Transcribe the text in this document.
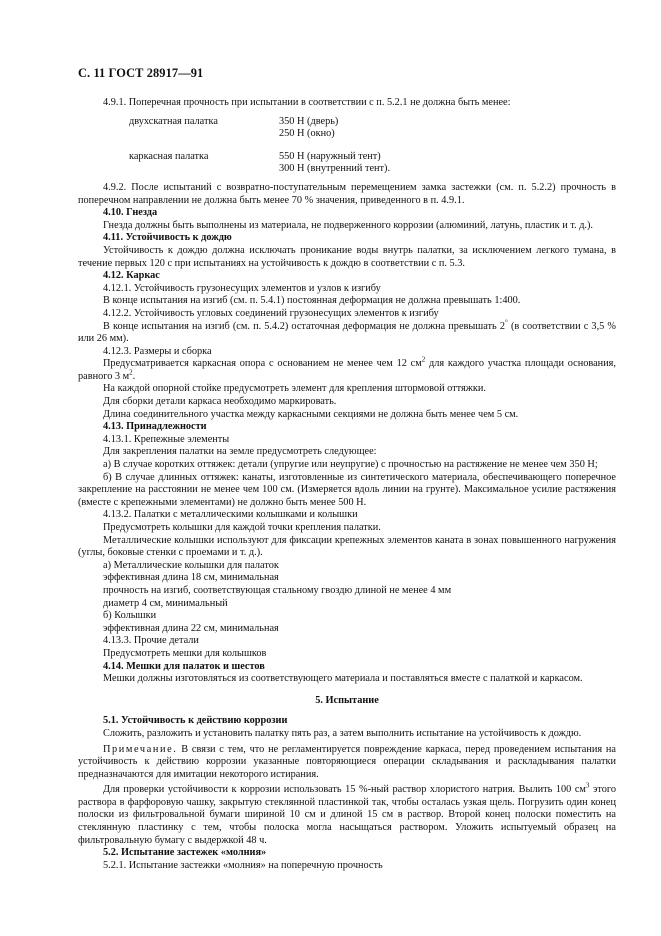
С. 11 ГОСТ 28917—91

4.9.1. Поперечная прочность при испытании в соответствии с п. 5.2.1 не должна быть менее:

двухскатная палатка	350 Н (дверь)
250 Н (окно)
каркасная палатка	550 Н (наружный тент)
300 Н (внутренний тент).

4.9.2. После испытаний с возвратно-поступательным перемещением замка застежки (см. п. 5.2.2) прочность в поперечном направлении не должна быть менее 70 % значения, приведенного в п. 4.9.1.

4.10. Гнезда

Гнезда должны быть выполнены из материала, не подверженного коррозии (алюминий, латунь, пластик и т. д.).

4.11. Устойчивость к дождю

Устойчивость к дождю должна исключать проникание воды внутрь палатки, за исключением легкого тумана, в течение первых 120 с при испытаниях на устойчивость к дождю в соответствии с п. 5.3.

4.12. Каркас

4.12.1. Устойчивость грузонесущих элементов и узлов к изгибу

В конце испытания на изгиб (см. п. 5.4.1) постоянная деформация не должна превышать 1:400.

4.12.2. Устойчивость угловых соединений грузонесущих элементов к изгибу

В конце испытания на изгиб (см. п. 5.4.2) остаточная деформация не должна превышать 2° (в соответствии с 3,5 % или 26 мм).

4.12.3. Размеры и сборка

Предусматривается каркасная опора с основанием не менее чем 12 $см^2$ для каждого участка площади основания, равного 3 $м^2$.

На каждой опорной стойке предусмотреть элемент для крепления штормовой оттяжки.

Для сборки детали каркаса необходимо маркировать.

Длина соединительного участка между каркасными секциями не должна быть менее чем 5 см.

4.13. Принадлежности

4.13.1. Крепежные элементы

Для закрепления палатки на земле предусмотреть следующее:

а) В случае коротких оттяжек: детали (упругие или неупругие) с прочностью на растяжение не менее чем 350 Н;

б) В случае длинных оттяжек: канаты, изготовленные из синтетического материала, обеспечивающего поперечное закрепление на расстоянии не менее чем 100 см. (Измеряется вдоль линии на грунте). Максимальное усилие растяжения (вместе с крепежными элементами) не должно быть менее 500 Н.

4.13.2. Палатки с металлическими колышками и колышки

Предусмотреть колышки для каждой точки крепления палатки.

Металлические колышки используют для фиксации крепежных элементов каната в зонах повышенного нагружения (углы, боковые стенки с проемами и т. д.).

а) Металлические колышки для палаток

эффективная длина 18 см, минимальная

прочность на изгиб, соответствующая стальному гвоздю длиной не менее 4 мм

диаметр 4 см, минимальный

б) Колышки

эффективная длина 22 см, минимальная

4.13.3. Прочие детали

Предусмотреть мешки для колышков

4.14. Мешки для палаток и шестов

Мешки должны изготовляться из соответствующего материала и поставляться вместе с палаткой и каркасом.

5. Испытание

5.1. Устойчивость к действию коррозии

Сложить, разложить и установить палатку пять раз, а затем выполнить испытание на устойчивость к дождю.

Примечание. В связи с тем, что не регламентируется повреждение каркаса, перед проведением испытания на устойчивость к действию коррозии указанные повторяющиеся операции складывания и раскладывания палатки предназначаются для имитации некоторого истирания.

Для проверки устойчивости к коррозии использовать 15 %-ный раствор хлористого натрия. Вылить 100 $см^3$ этого раствора в фарфоровую чашку, закрытую стеклянной пластинкой так, чтобы осталась узкая щель. Погрузить один конец полоски из фильтровальной бумаги шириной 10 см и длиной 15 см в раствор. Второй конец полоски поместить на стеклянную пластинку с тем, чтобы полоска могла насыщаться раствором. Уложить испытуемый образец на фильтровальную бумагу с выдержкой 48 ч.

5.2. Испытание застежек «молния»

5.2.1. Испытание застежки «молния» на поперечную прочность
